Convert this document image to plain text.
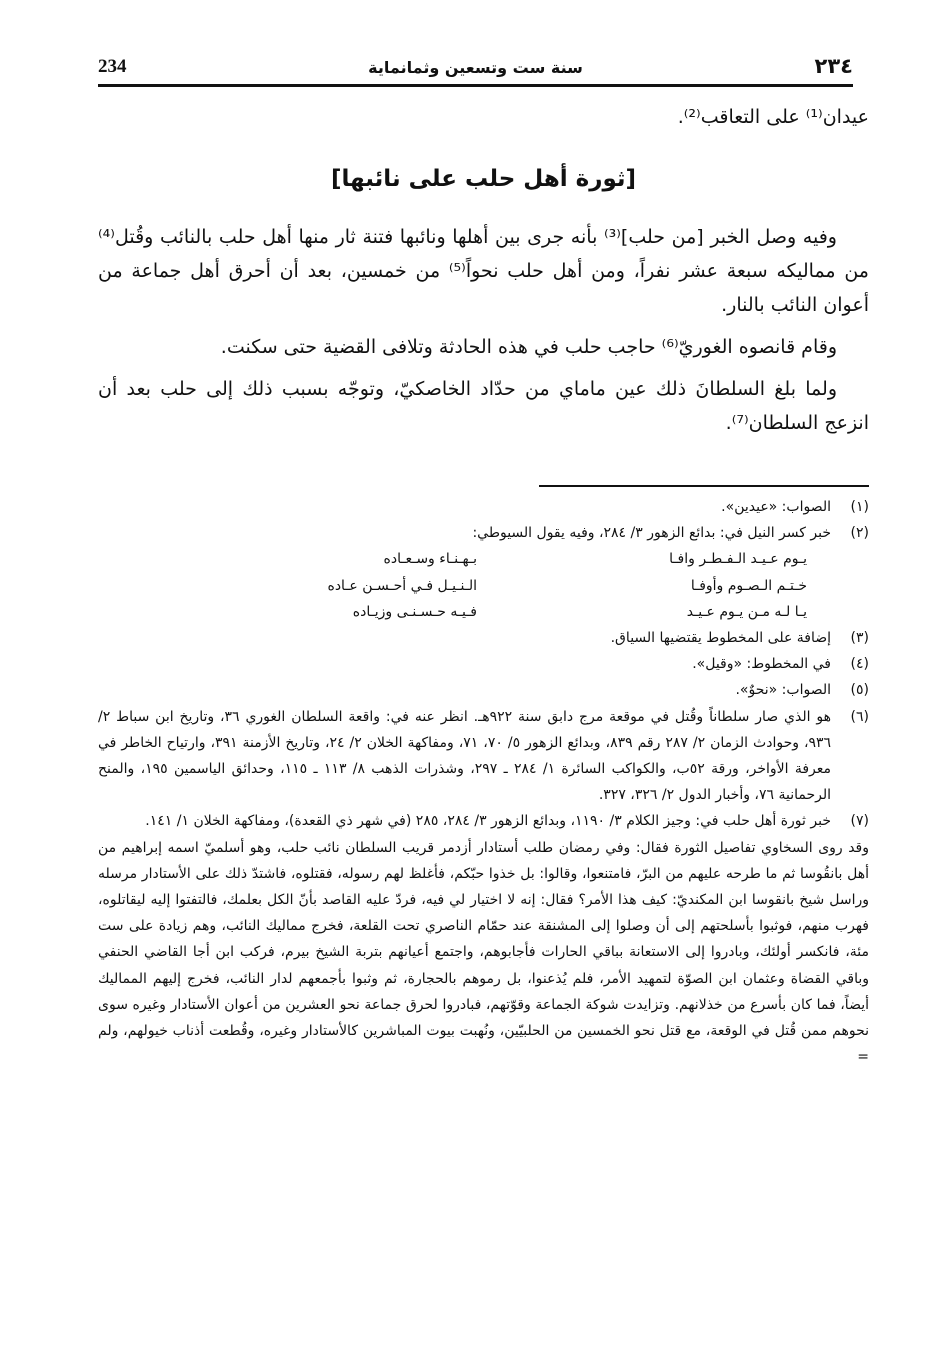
234	سنة ست وتسعين وثمانماية	٢٣٤

عيدان⁽¹⁾ على التعاقب⁽²⁾.

[ثورة أهل حلب على نائبها]

وفيه وصل الخبر [من حلب]⁽³⁾ بأنه جرى بين أهلها ونائبها فتنة ثار منها أهل حلب بالنائب وقُتل⁽⁴⁾ من مماليكه سبعة عشر نفراً، ومن أهل حلب نحواً⁽⁵⁾ من خمسين، بعد أن أحرق أهل جماعة من أعوان النائب بالنار.

وقام قانصوه الغوريّ⁽⁶⁾ حاجب حلب في هذه الحادثة وتلافى القضية حتى سكنت.

ولما بلغ السلطانَ ذلك عين ماماي من حدّاد الخاصكيّ، وتوجّه بسبب ذلك إلى حلب بعد أن انزعج السلطان⁽⁷⁾.

(١)
الصواب: «عيدين».
(٢)
خبر كسر النيل في: بدائع الزهور ٣/ ٢٨٤، وفيه يقول السيوطي:
يـوم عـيـد الـفـطـر وافـا
بـهـنـاء وسـعـاده
خـتـم الـصـوم وأوفـا
الـنـيـل فـي أحـسـن عـاده
يـا لـه مـن يـوم عـيـد
فـيـه حـسـنـى وزيـاده
(٣)
إضافة على المخطوط يقتضيها السياق.
(٤)
في المخطوط: «وقيل».
(٥)
الصواب: «نحوٌ».
(٦)
هو الذي صار سلطاناً وقُتل في موقعة مرج دابق سنة ٩٢٢هـ. انظر عنه في: واقعة السلطان الغوري ٣٦، وتاريخ ابن سباط ٢/ ٩٣٦، وحوادث الزمان ٢/ ٢٨٧ رقم ٨٣٩، وبدائع الزهور ٥/ ٧٠، ٧١، ومفاكهة الخلان ٢/ ٢٤، وتاريخ الأزمنة ٣٩١، وارتياح الخاطر في معرفة الأواخر، ورقة ٥٢ب، والكواكب السائرة ١/ ٢٨٤ ـ ٢٩٧، وشذرات الذهب ٨/ ١١٣ ـ ١١٥، وحدائق الياسمين ١٩٥، والمنح الرحمانية ٧٦، وأخبار الدول ٢/ ٣٢٦، ٣٢٧.
(٧)
خبر ثورة أهل حلب في: وجيز الكلام ٣/ ١١٩٠، وبدائع الزهور ٣/ ٢٨٤، ٢٨٥ (في شهر ذي القعدة)، ومفاكهة الخلان ١/ ١٤١.
وقد روى السخاوي تفاصيل الثورة فقال: وفي رمضان طلب أستادار أزدمر قريب السلطان نائب حلب، وهو أسلميّ اسمه إبراهيم من أهل بانقُوسا ثم ما طرحه عليهم من البرّ، فامتنعوا، وقالوا: بل خذوا حبّكم، فأغلظ لهم رسوله، فقتلوه، فاشتدّ ذلك على الأستادار مرسله وراسل شيخ بانقوسا ابن المكنديّ: كيف هذا الأمر؟ فقال: إنه لا اختيار لي فيه، فردّ عليه القاصد بأنّ الكل بعلمك، فالتفتوا إليه ليقاتلوه، فهرب منهم، فوثبوا بأسلحتهم إلى أن وصلوا إلى المشنقة عند حمّام الناصري تحت القلعة، فخرج مماليك النائب، وهم زيادة على ست مئة، فانكسر أولئك، وبادروا إلى الاستعانة بباقي الحارات فأجابوهم، واجتمع أعيانهم بتربة الشيخ بيرم، فركب ابن أجا القاضي الحنفي وباقي القضاة وعثمان ابن الصوّة لتمهيد الأمر، فلم يُذعنوا، بل رموهم بالحجارة، ثم وثبوا بأجمعهم لدار النائب، فخرج إليهم المماليك أيضاً، فما كان بأسرع من خذلانهم. وتزايدت شوكة الجماعة وقوّتهم، فبادروا لحرق جماعة نحو العشرين من أعوان الأستادار وغيره سوى نحوهم ممن قُتل في الوقعة، مع قتل نحو الخمسين من الحلبيّين، ونُهبت بيوت المباشرين كالأستادار وغيره، وقُطعت أذناب خيولهم، ولم =
